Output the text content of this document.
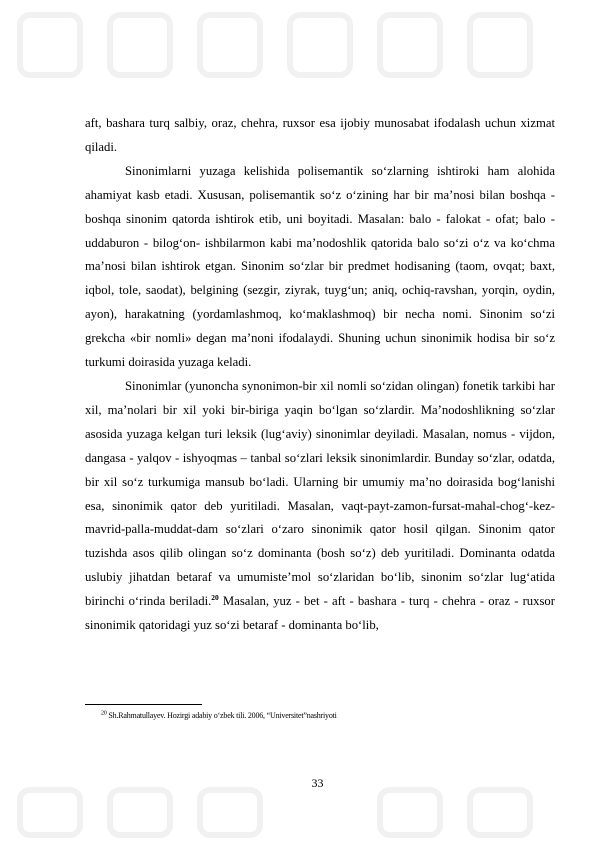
aft, bashara turq salbiy, oraz, chehra, ruxsor esa ijobiy munosabat ifodalash uchun xizmat qiladi.

Sinonimlarni yuzaga kelishida polisemantik so‘zlarning ishtiroki ham alohida ahamiyat kasb etadi. Xususan, polisemantik so‘z o‘zining har bir ma’nosi bilan boshqa - boshqa sinonim qatorda ishtirok etib, uni boyitadi. Masalan: balo - falokat - ofat; balo - uddaburon - bilog‘on- ishbilarmon kabi ma’nodoshlik qatorida balo so‘zi o‘z va ko‘chma ma’nosi bilan ishtirok etgan. Sinonim so‘zlar bir predmet hodisaning (taom, ovqat; baxt, iqbol, tole, saodat), belgining (sezgir, ziyrak, tuyg‘un; aniq, ochiq-ravshan, yorqin, oydin, ayon), harakatning (yordamlashmoq, ko‘maklashmoq) bir necha nomi. Sinonim so‘zi grekcha «bir nomli» degan ma’noni ifodalaydi. Shuning uchun sinonimik hodisa bir so‘z turkumi doirasida yuzaga keladi.

Sinonimlar (yunoncha synonimon-bir xil nomli so‘zidan olingan) fonetik tarkibi har xil, ma’nolari bir xil yoki bir-biriga yaqin bo‘lgan so‘zlardir. Ma’nodoshlikning so‘zlar asosida yuzaga kelgan turi leksik (lug‘aviy) sinonimlar deyiladi. Masalan, nomus - vijdon, dangasa - yalqov - ishyoqmas – tanbal so‘zlari leksik sinonimlardir. Bunday so‘zlar, odatda, bir xil so‘z turkumiga mansub bo‘ladi. Ularning bir umumiy ma’no doirasida bog‘lanishi esa, sinonimik qator deb yuritiladi. Masalan, vaqt-payt-zamon-fursat-mahal-chog‘-kez-mavrid-palla-muddat-dam so‘zlari o‘zaro sinonimik qator hosil qilgan. Sinonim qator tuzishda asos qilib olingan so‘z dominanta (bosh so‘z) deb yuritiladi. Dominanta odatda uslubiy jihatdan betaraf va umumiste’mol so‘zlaridan bo‘lib, sinonim so‘zlar lug‘atida birinchi o‘rinda beriladi.$^{20}$ Masalan, yuz - bet - aft - bashara - turq - chehra - oraz - ruxsor sinonimik qatoridagi yuz so‘zi betaraf - dominanta bo‘lib,

$^{20}$ Sh.Rahmatullayev. Hozirgi adabiy o‘zbek tili. 2006, “Universitet”nashriyoti

33
